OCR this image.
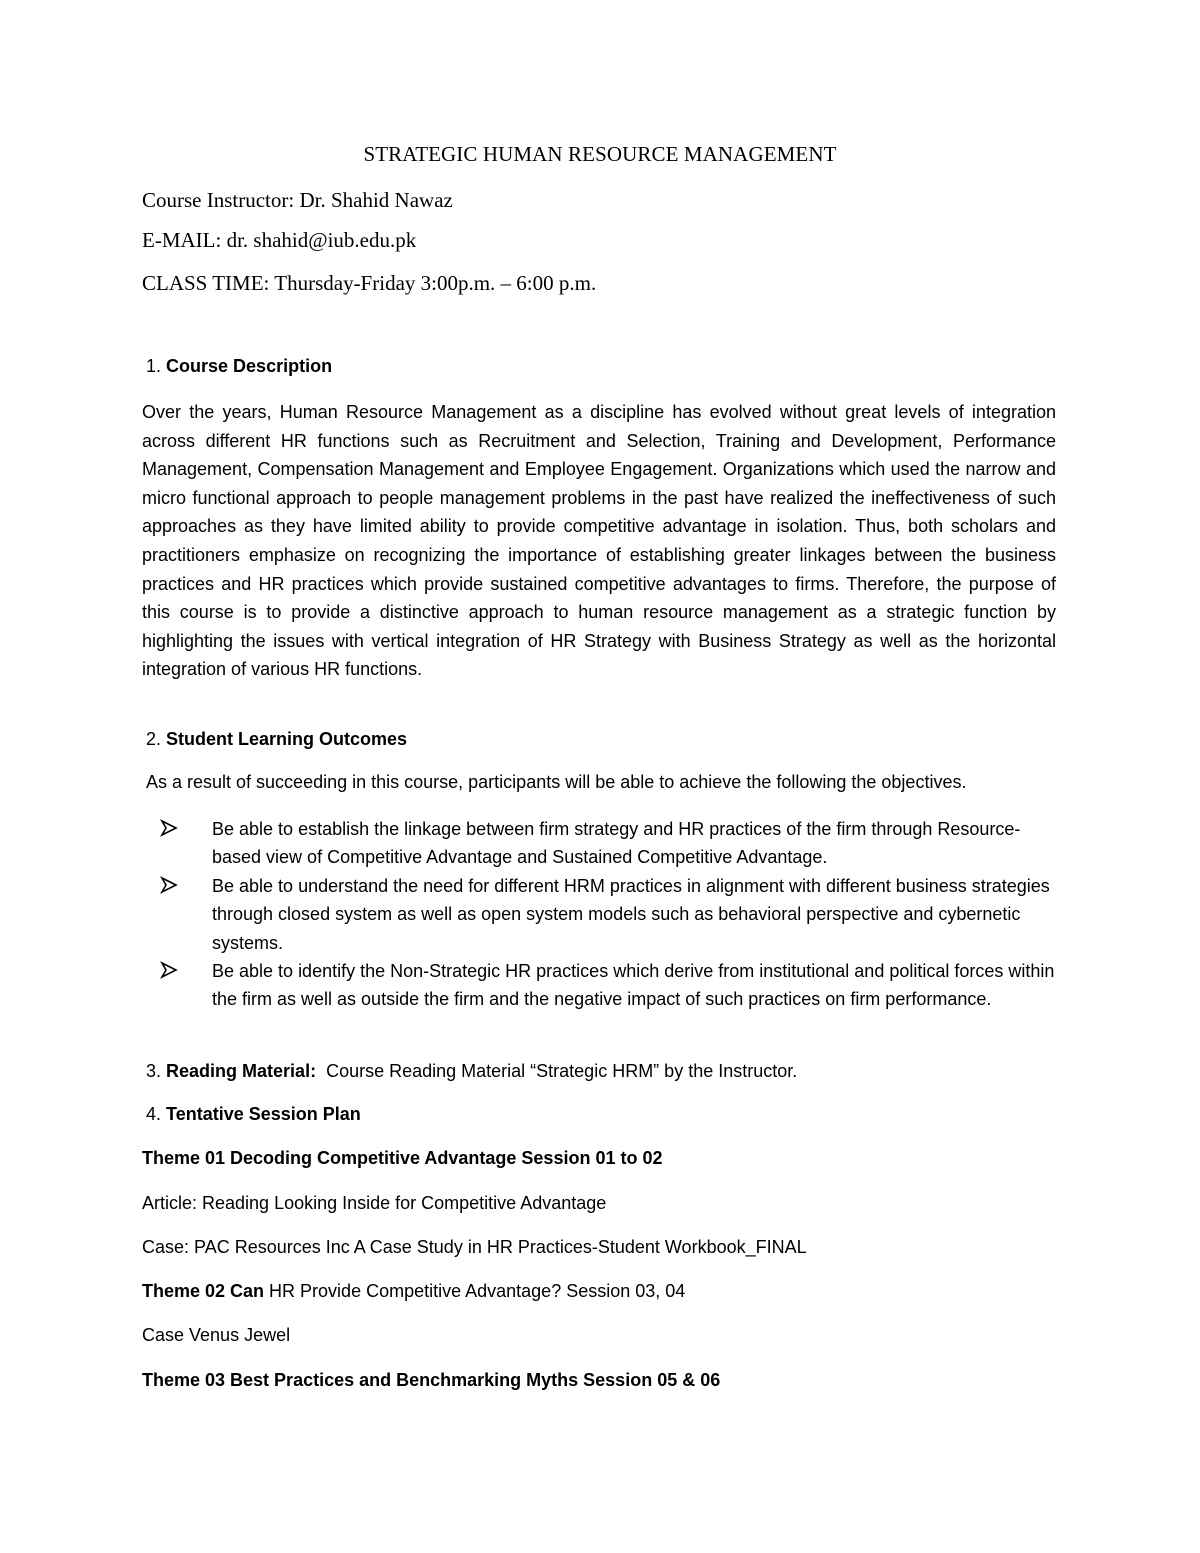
STRATEGIC HUMAN RESOURCE MANAGEMENT
Course Instructor: Dr. Shahid Nawaz
E-MAIL: dr. shahid@iub.edu.pk
CLASS TIME: Thursday-Friday 3:00p.m. – 6:00 p.m.
1. Course Description

Over the years, Human Resource Management as a discipline has evolved without great levels of integration across different HR functions such as Recruitment and Selection, Training and Development, Performance Management, Compensation Management and Employee Engagement. Organizations which used the narrow and micro functional approach to people management problems in the past have realized the ineffectiveness of such approaches as they have limited ability to provide competitive advantage in isolation. Thus, both scholars and practitioners emphasize on recognizing the importance of establishing greater linkages between the business practices and HR practices which provide sustained competitive advantages to firms. Therefore, the purpose of this course is to provide a distinctive approach to human resource management as a strategic function by highlighting the issues with vertical integration of HR Strategy with Business Strategy as well as the horizontal integration of various HR functions.

2. Student Learning Outcomes

As a result of succeeding in this course, participants will be able to achieve the following the objectives.

Be able to establish the linkage between firm strategy and HR practices of the firm through Resource-based view of Competitive Advantage and Sustained Competitive Advantage.
Be able to understand the need for different HRM practices in alignment with different business strategies through closed system as well as open system models such as behavioral perspective and cybernetic systems.
Be able to identify the Non-Strategic HR practices which derive from institutional and political forces within the firm as well as outside the firm and the negative impact of such practices on firm performance.

3. Reading Material:  Course Reading Material “Strategic HRM” by the Instructor.

4. Tentative Session Plan

Theme 01 Decoding Competitive Advantage Session 01 to 02

Article: Reading Looking Inside for Competitive Advantage

Case: PAC Resources Inc A Case Study in HR Practices-Student Workbook_FINAL

Theme 02 Can HR Provide Competitive Advantage? Session 03, 04

Case Venus Jewel

Theme 03 Best Practices and Benchmarking Myths Session 05 & 06
